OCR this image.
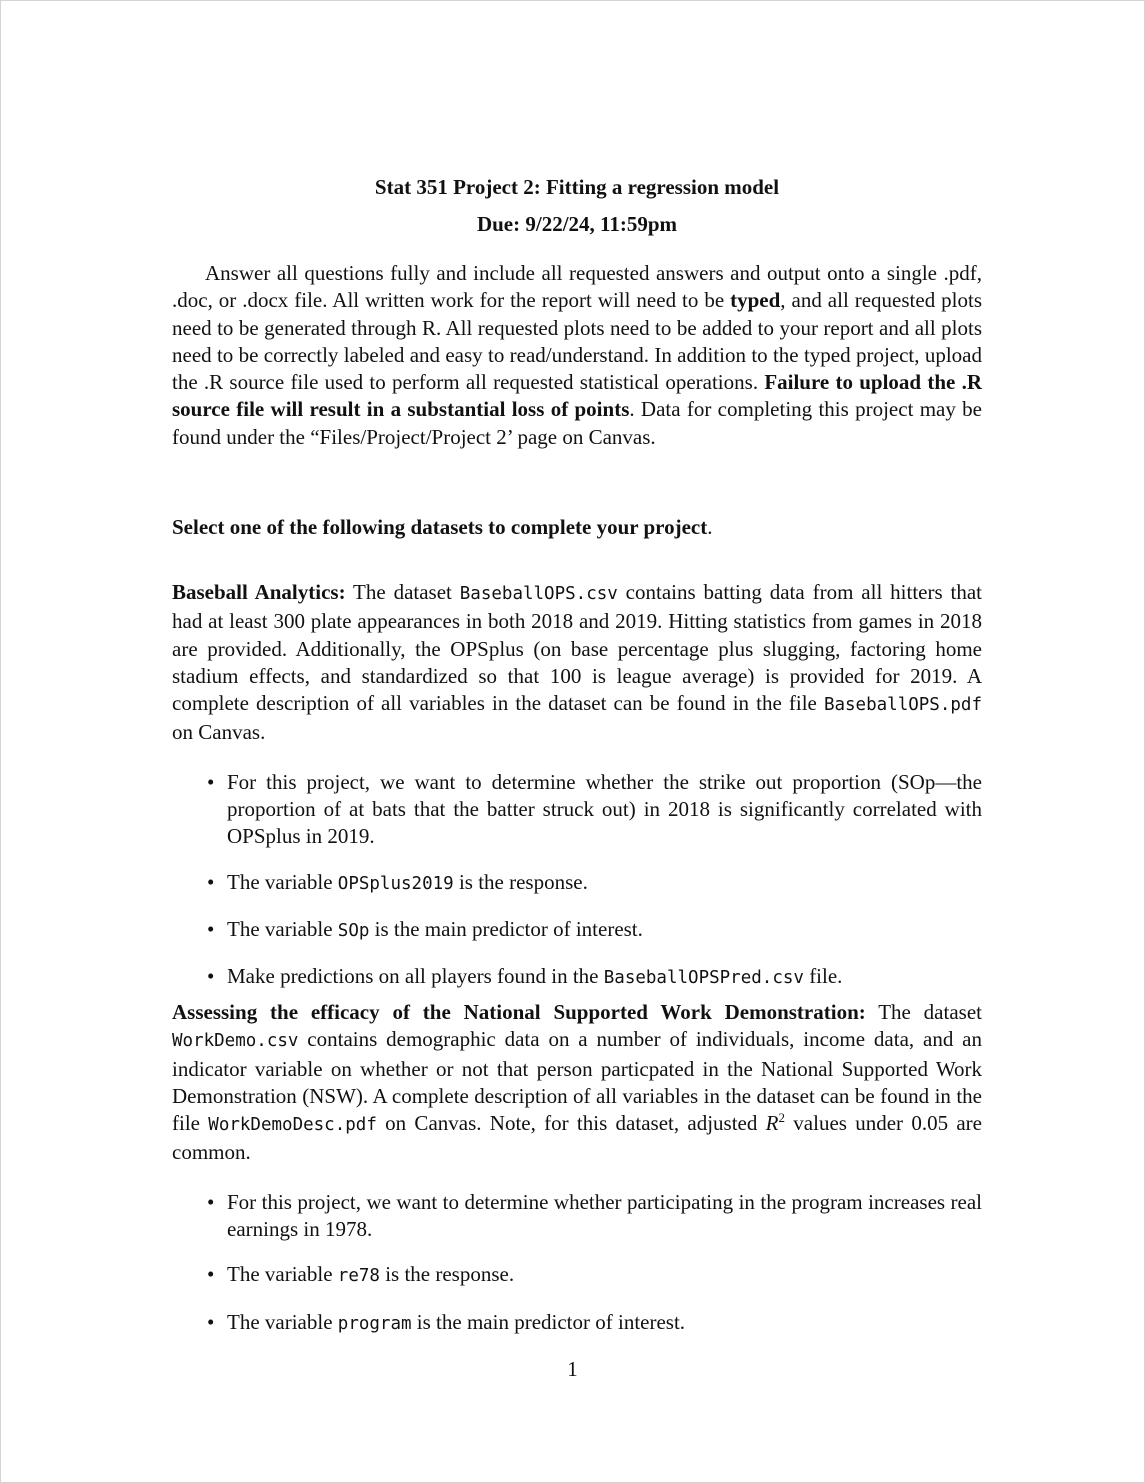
Stat 351 Project 2: Fitting a regression model
Due: 9/22/24, 11:59pm

Answer all questions fully and include all requested answers and output onto a single .pdf, .doc, or .docx file. All written work for the report will need to be typed, and all requested plots need to be generated through R. All requested plots need to be added to your report and all plots need to be correctly labeled and easy to read/understand. In addition to the typed project, upload the .R source file used to perform all requested statistical operations. Failure to upload the .R source file will result in a substantial loss of points. Data for completing this project may be found under the “Files/Project/Project 2’ page on Canvas.

Select one of the following datasets to complete your project.

Baseball Analytics: The dataset BaseballOPS.csv contains batting data from all hitters that had at least 300 plate appearances in both 2018 and 2019. Hitting statistics from games in 2018 are provided. Additionally, the OPSplus (on base percentage plus slugging, factoring home stadium effects, and standardized so that 100 is league average) is provided for 2019. A complete description of all variables in the dataset can be found in the file BaseballOPS.pdf on Canvas.

• For this project, we want to determine whether the strike out proportion (SOp—the proportion of at bats that the batter struck out) in 2018 is significantly correlated with OPSplus in 2019.
• The variable OPSplus2019 is the response.
• The variable SOp is the main predictor of interest.
• Make predictions on all players found in the BaseballOPSPred.csv file.

Assessing the efficacy of the National Supported Work Demonstration: The dataset WorkDemo.csv contains demographic data on a number of individuals, income data, and an indicator variable on whether or not that person particpated in the National Supported Work Demonstration (NSW). A complete description of all variables in the dataset can be found in the file WorkDemoDesc.pdf on Canvas. Note, for this dataset, adjusted $R^2$ values under 0.05 are common.

• For this project, we want to determine whether participating in the program increases real earnings in 1978.
• The variable re78 is the response.
• The variable program is the main predictor of interest.
1
